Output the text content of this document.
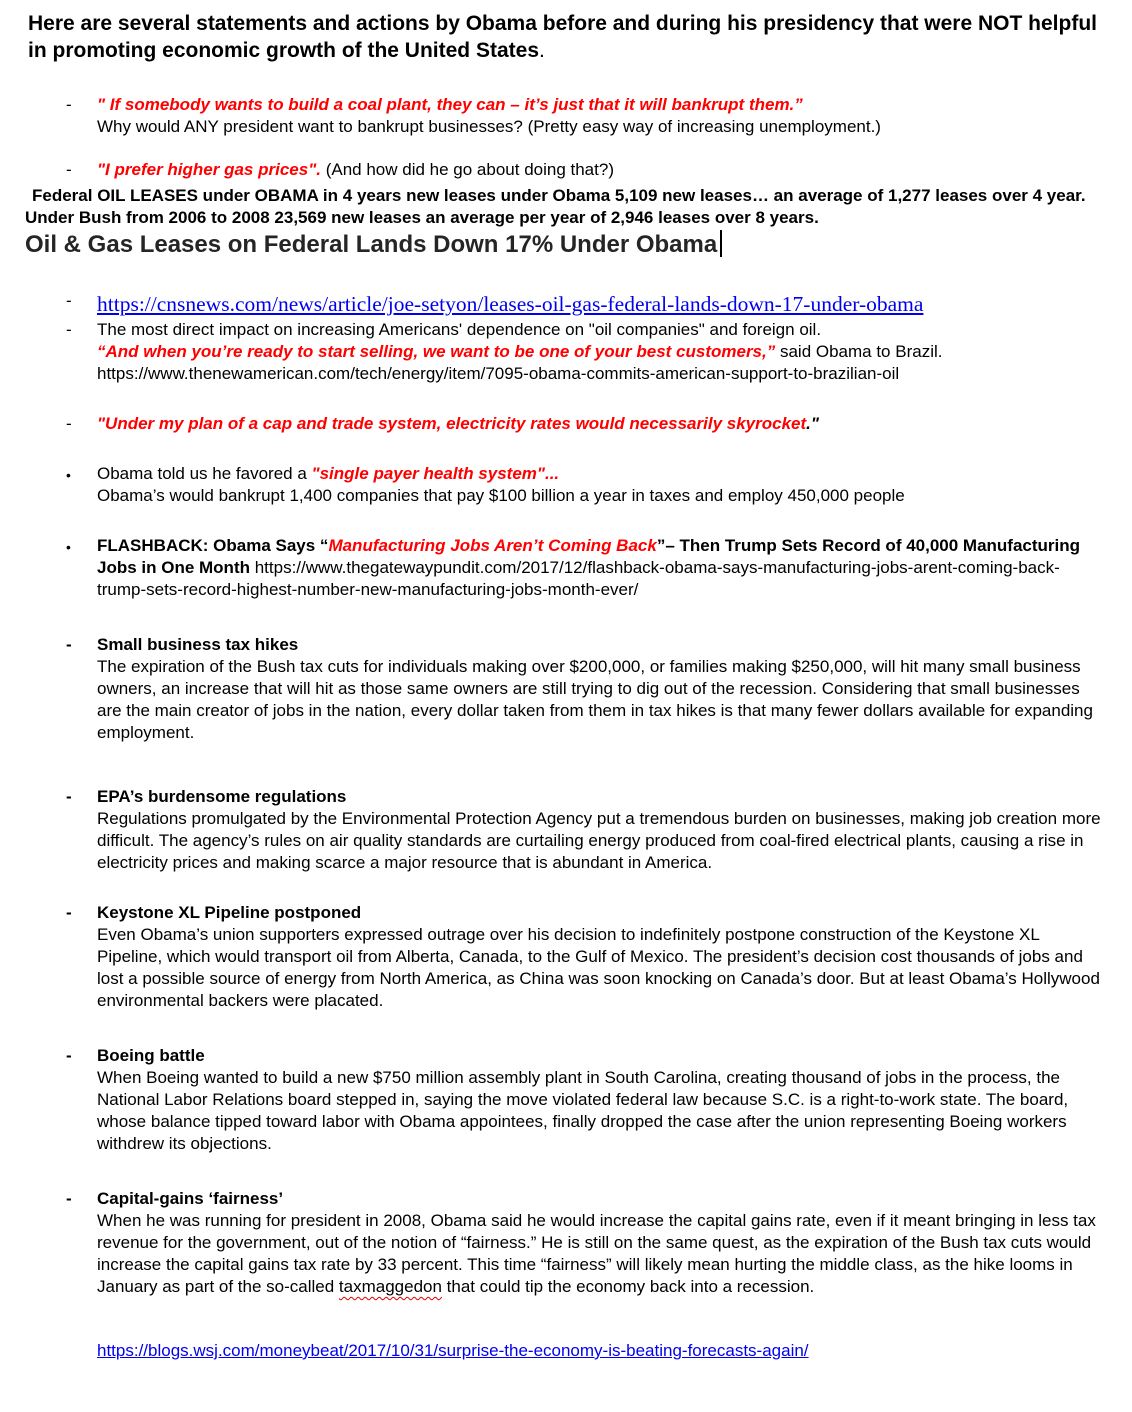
Here are several statements and actions by Obama before and during his presidency that were NOT helpful in promoting economic growth of the United States.
- " If somebody wants to build a coal plant, they can – it’s just that it will bankrupt them.”
Why would ANY president want to bankrupt businesses? (Pretty easy way of increasing unemployment.)
- "I prefer higher gas prices". (And how did he go about doing that?)
Federal OIL LEASES under OBAMA in 4 years new leases under Obama 5,109 new leases… an average of 1,277 leases over 4 year. Under Bush from 2006 to 2008 23,569 new leases an average per year of 2,946 leases over 8 years. Oil & Gas Leases on Federal Lands Down 17% Under Obama
- https://cnsnews.com/news/article/joe-setyon/leases-oil-gas-federal-lands-down-17-under-obama
- The most direct impact on increasing Americans' dependence on "oil companies" and foreign oil.
“And when you’re ready to start selling, we want to be one of your best customers,” said Obama to Brazil.
https://www.thenewamerican.com/tech/energy/item/7095-obama-commits-american-support-to-brazilian-oil
- "Under my plan of a cap and trade system, electricity rates would necessarily skyrocket."
• Obama told us he favored a "single payer health system"...
Obama’s would bankrupt 1,400 companies that pay $100 billion a year in taxes and employ 450,000 people
• FLASHBACK: Obama Says “Manufacturing Jobs Aren’t Coming Back”– Then Trump Sets Record of 40,000 Manufacturing Jobs in One Month https://www.thegatewaypundit.com/2017/12/flashback-obama-says-manufacturing-jobs-arent-coming-back-trump-sets-record-highest-number-new-manufacturing-jobs-month-ever/
- Small business tax hikes
The expiration of the Bush tax cuts for individuals making over $200,000, or families making $250,000, will hit many small business owners, an increase that will hit as those same owners are still trying to dig out of the recession. Considering that small businesses are the main creator of jobs in the nation, every dollar taken from them in tax hikes is that many fewer dollars available for expanding employment.
- EPA’s burdensome regulations
Regulations promulgated by the Environmental Protection Agency put a tremendous burden on businesses, making job creation more difficult. The agency’s rules on air quality standards are curtailing energy produced from coal-fired electrical plants, causing a rise in electricity prices and making scarce a major resource that is abundant in America.
- Keystone XL Pipeline postponed
Even Obama’s union supporters expressed outrage over his decision to indefinitely postpone construction of the Keystone XL Pipeline, which would transport oil from Alberta, Canada, to the Gulf of Mexico. The president’s decision cost thousands of jobs and lost a possible source of energy from North America, as China was soon knocking on Canada’s door. But at least Obama’s Hollywood environmental backers were placated.
- Boeing battle
When Boeing wanted to build a new $750 million assembly plant in South Carolina, creating thousand of jobs in the process, the National Labor Relations board stepped in, saying the move violated federal law because S.C. is a right-to-work state. The board, whose balance tipped toward labor with Obama appointees, finally dropped the case after the union representing Boeing workers withdrew its objections.
- Capital-gains ‘fairness’
When he was running for president in 2008, Obama said he would increase the capital gains rate, even if it meant bringing in less tax revenue for the government, out of the notion of “fairness.” He is still on the same quest, as the expiration of the Bush tax cuts would increase the capital gains tax rate by 33 percent. This time “fairness” will likely mean hurting the middle class, as the hike looms in January as part of the so-called taxmaggedon that could tip the economy back into a recession.
https://blogs.wsj.com/moneybeat/2017/10/31/surprise-the-economy-is-beating-forecasts-again/
